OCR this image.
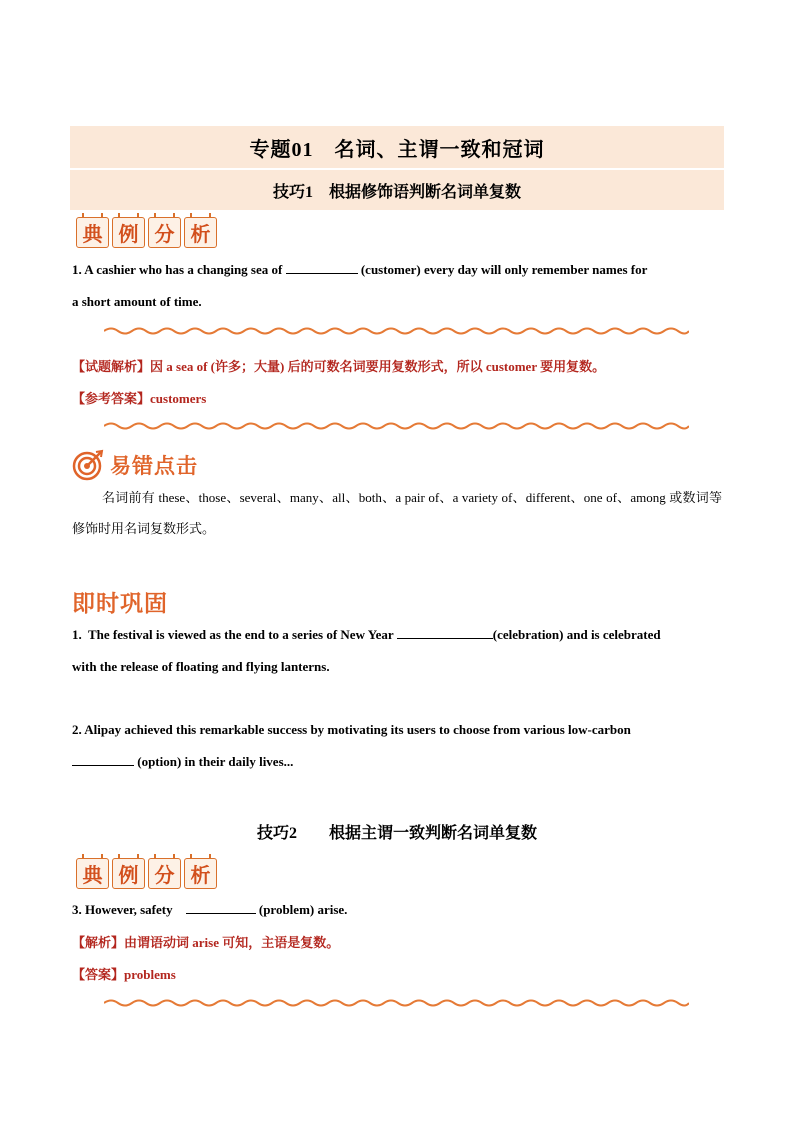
专题01　名词、主谓一致和冠词
技巧1　根据修饰语判断名词单复数
典 例 分 析
1. A cashier who has a changing sea of	(customer) every day will only remember names for
a short amount of time.
【试题解析】因 a sea of (许多；大量) 后的可数名词要用复数形式，所以 customer 要用复数。
【参考答案】customers
易错点击
名词前有 these、those、several、many、all、both、a pair of、a variety of、different、one of、among 或数词等修饰时用名词复数形式。
即时巩固
1. The festival is viewed as the end to a series of New Year	(celebration) and is celebrated
with the release of floating and flying lanterns.
2. Alipay achieved this remarkable success by motivating its users to choose from various low-carbon
(option) in their daily lives...
技巧2　　根据主谓一致判断名词单复数
典 例 分 析
3. However, safety	(problem) arise.
【解析】由谓语动词 arise 可知，主语是复数。
【答案】problems
